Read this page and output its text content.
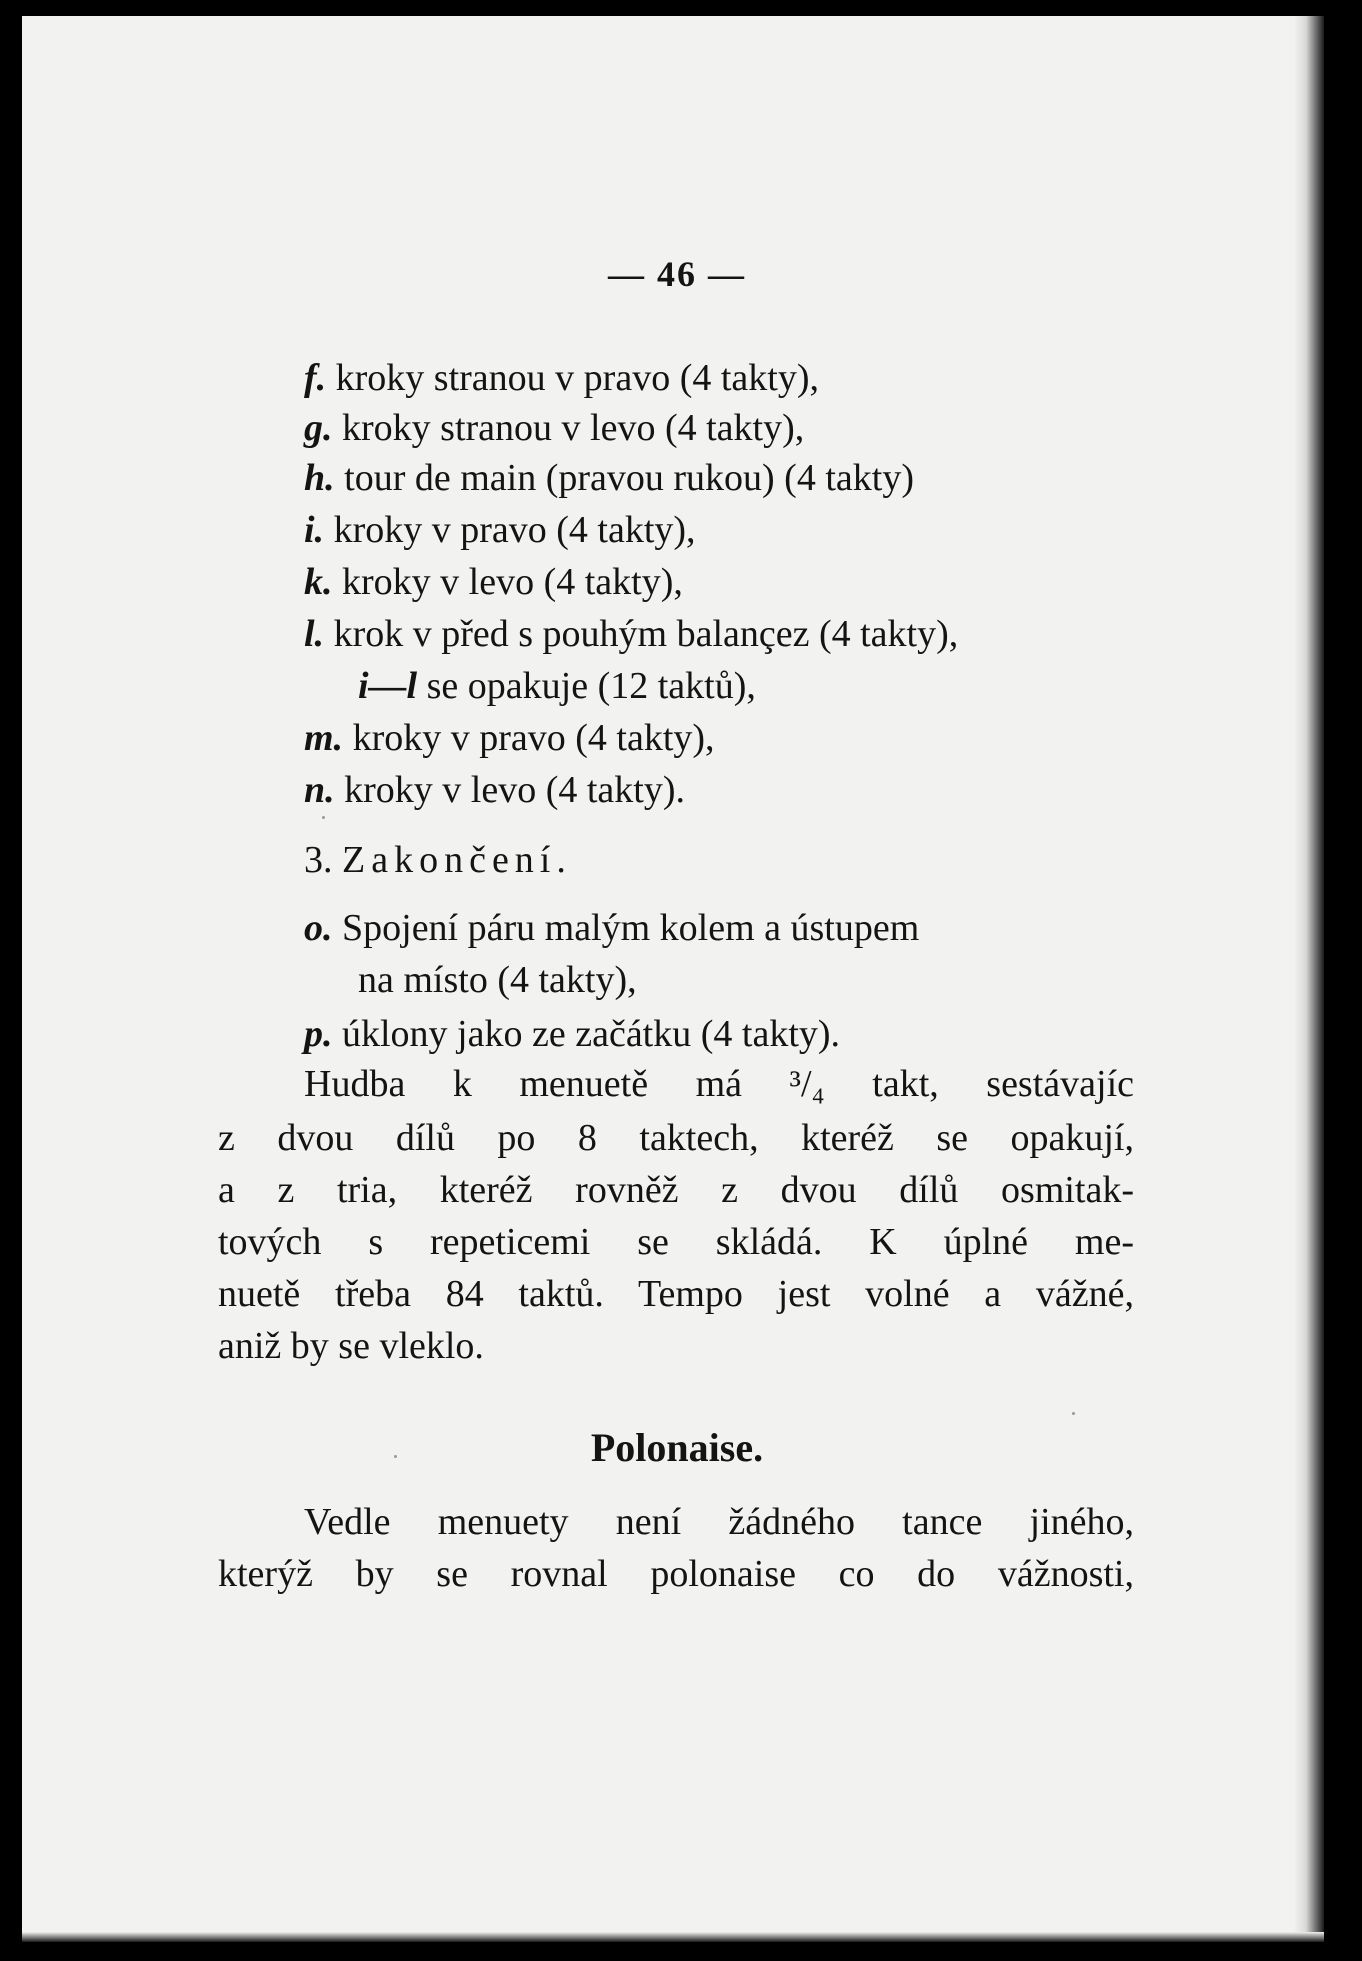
— 46 —
f. kroky stranou v pravo (4 takty),
g. kroky stranou v levo (4 takty),
h. tour de main (pravou rukou) (4 takty)
i. kroky v pravo (4 takty),
k. kroky v levo (4 takty),
l. krok v před s pouhým balançez (4 takty),
i—l se opakuje (12 taktů),
m. kroky v pravo (4 takty),
n. kroky v levo (4 takty).
3. Zakončení.
o. Spojení páru malým kolem a ústupem
na místo (4 takty),
p. úklony jako ze začátku (4 takty).
Hudba k menuetě má ³/₄ takt, sestávajíc
z dvou dílů po 8 taktech, kteréž se opakují,
a z tria, kteréž rovněž z dvou dílů osmitak-
tových s repeticemi se skládá. K úplné me-
nuetě třeba 84 taktů. Tempo jest volné a vážné,
aniž by se vleklo.
Polonaise.
Vedle menuety není žádného tance jiného,
kterýž by se rovnal polonaise co do vážnosti,
